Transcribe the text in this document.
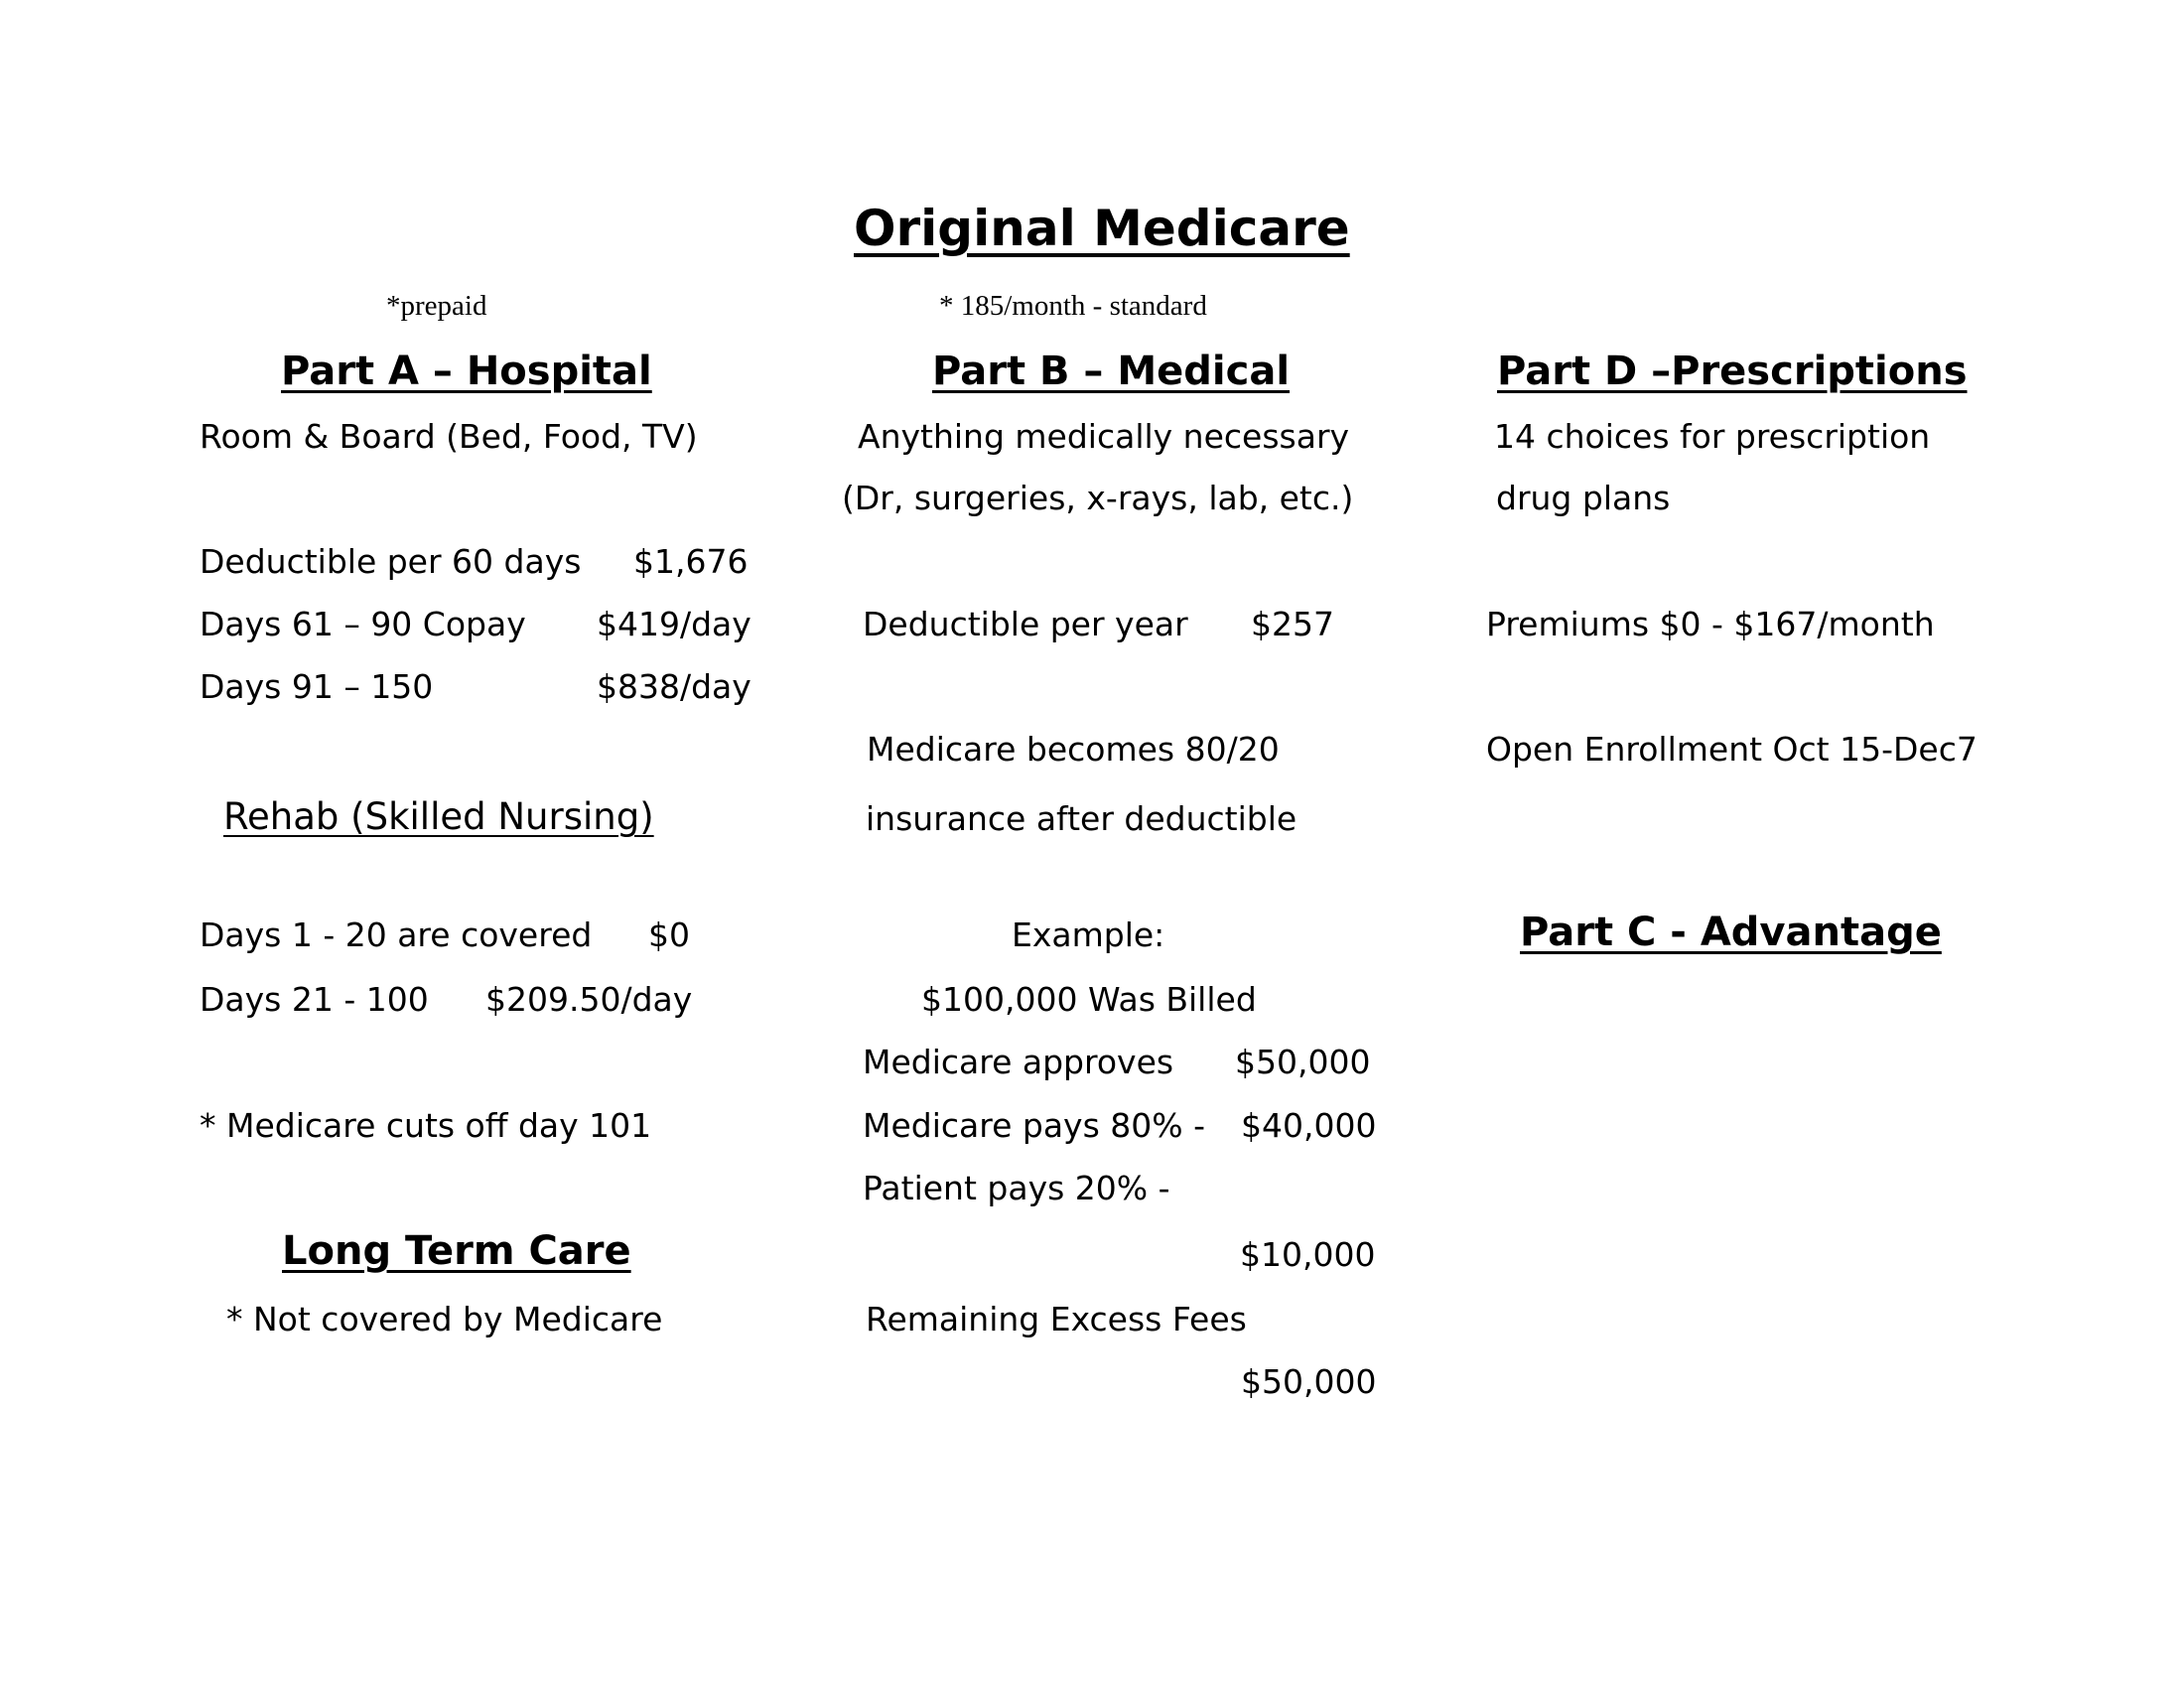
Original Medicare
*prepaid	* 185/month - standard
Part A – Hospital
Room & Board (Bed, Food, TV)
Deductible per 60 days $1,676
Days 61 – 90 Copay $419/day
Days 91 – 150	$838/day
Rehab (Skilled Nursing)
Days 1 - 20 are covered $0
Days 21 - 100 $209.50/day
* Medicare cuts off day 101
Long Term Care
* Not covered by Medicare
Part B – Medical
Anything medically necessary
(Dr, surgeries, x-rays, lab, etc.)
Deductible per year $257
Medicare becomes 80/20
insurance after deductible
Example:
$100,000 Was Billed
Medicare approves $50,000
Medicare pays 80% - $40,000
Patient pays 20% -
$10,000
Remaining Excess Fees
$50,000
Part D –Prescriptions
14 choices for prescription
drug plans
Premiums $0 - $167/month
Open Enrollment Oct 15-Dec7
Part C - Advantage
